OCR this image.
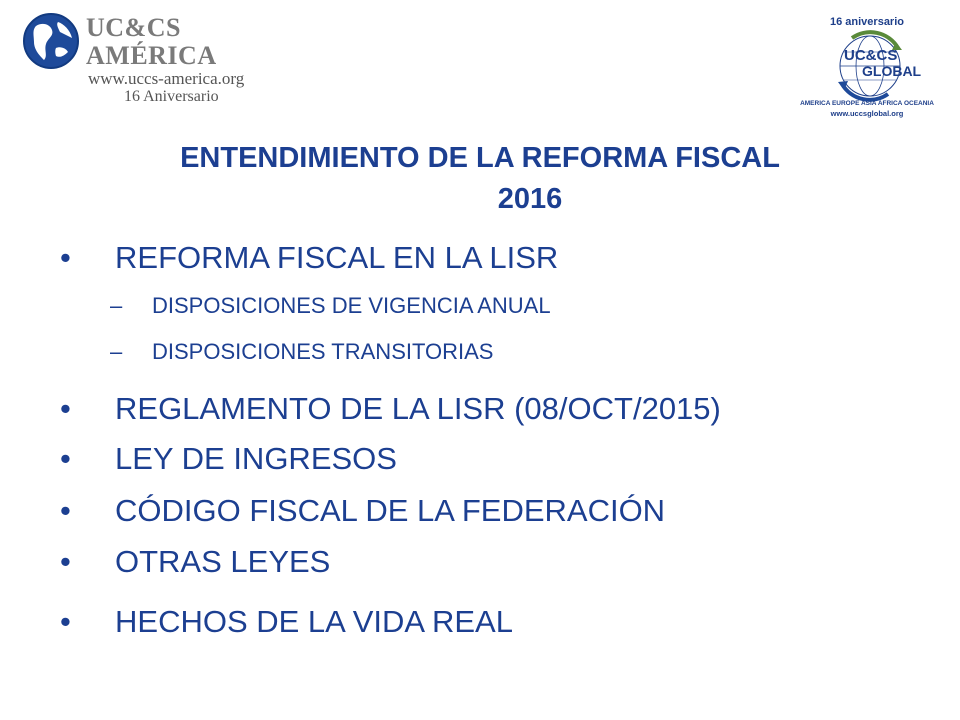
UC&CS AMÉRICA
www.uccs-america.org
16 Aniversario
16 aniversario
UC&CS
GLOBAL
AMERICA EUROPE ASIA AFRICA OCEANIA
www.uccsglobal.org
ENTENDIMIENTO DE LA REFORMA FISCAL
2016
• REFORMA FISCAL EN LA LISR
– DISPOSICIONES DE VIGENCIA ANUAL
– DISPOSICIONES TRANSITORIAS
• REGLAMENTO DE LA LISR (08/OCT/2015)
• LEY DE INGRESOS
• CÓDIGO FISCAL DE LA FEDERACIÓN
• OTRAS LEYES
• HECHOS DE LA VIDA REAL
